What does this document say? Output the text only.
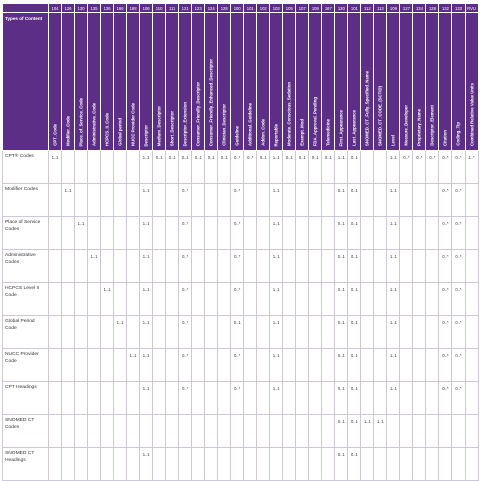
	104	126	130	135	136	166	168	106	110	111	121	123	124	128	100	101	102	103	105	107	108	167	120	101	112	113	109	127	134	128	132	133	RVU
Types of Content	CPT_Code	Modifier_Code	Place_of_Service_Code	Administrative_Code	HCPCS_II_Code	Global period	NUCC Provider Code	Descriptor	Medium_Descriptor	Short_Descriptor	Descriptor_Extension	Consumer_Friendly_Descriptor	Consumer_Friendly_Enhanced_Descriptor	Clinician_Descriptor	Guideline	Additional_Guideline	Addon_Code	Reportable	Moderate_Conscious_Sedation	Exempt_Mod	FDA_Approval_Pending	Telemedicine	First_Appearance	Last_Appearance	SNOMED_CT_Fully_Specified_Name	SNOMED_CT_CODE_(SCTID)	Level	Measure_Developer	Proprietary_Name	Descriptor_Element	Citation	Coding_Tip	Combined Relative Value Units

CPT® Codes	1..1							1..1	0..1	0..1	0..1	0..1	0..1	0..1	0..*	0..*	0..1	1..1	0..1	0..1	0..1	0..1	1..1	0..1			1..1	0..*	0..*	0..*	0..*	0..*	1..*
Modifier Codes		1..1						1..1			0..*				0..*			1..1					0..1	0..1			1..1				0..*	0..*	
Place of Service Codes			1..1					1..1			0..*				0..*			1..1					0..1	0..1			1..1				0..*	0..*	
Administrative Codes				1..1				1..1			0..*				0..*			1..1					0..1	0..1			1..1				0..*	0..*	
HCPCS Level II Code					1..1			1..1			0..*				0..*			1..1					0..1	0..1			1..1				0..*	0..*	
Global Period Code						1..1		1..1			0..*				0..1			1..1					0..1	0..1			1..1				0..*	0..*	
NUCC Provider Code							1..1	1..1			0..*				0..*			1..1					0..1	0..1			1..1				0..*	0..*	
CPT Headings								1..1			0..*				0..*			1..1					0..1	0..1			1..1				0..*	0..*	
SNOMED CT Codes																							0..1	0..1	1..1	1..1							
SNOMED CT Headings								1..1															0..1	0..1									
